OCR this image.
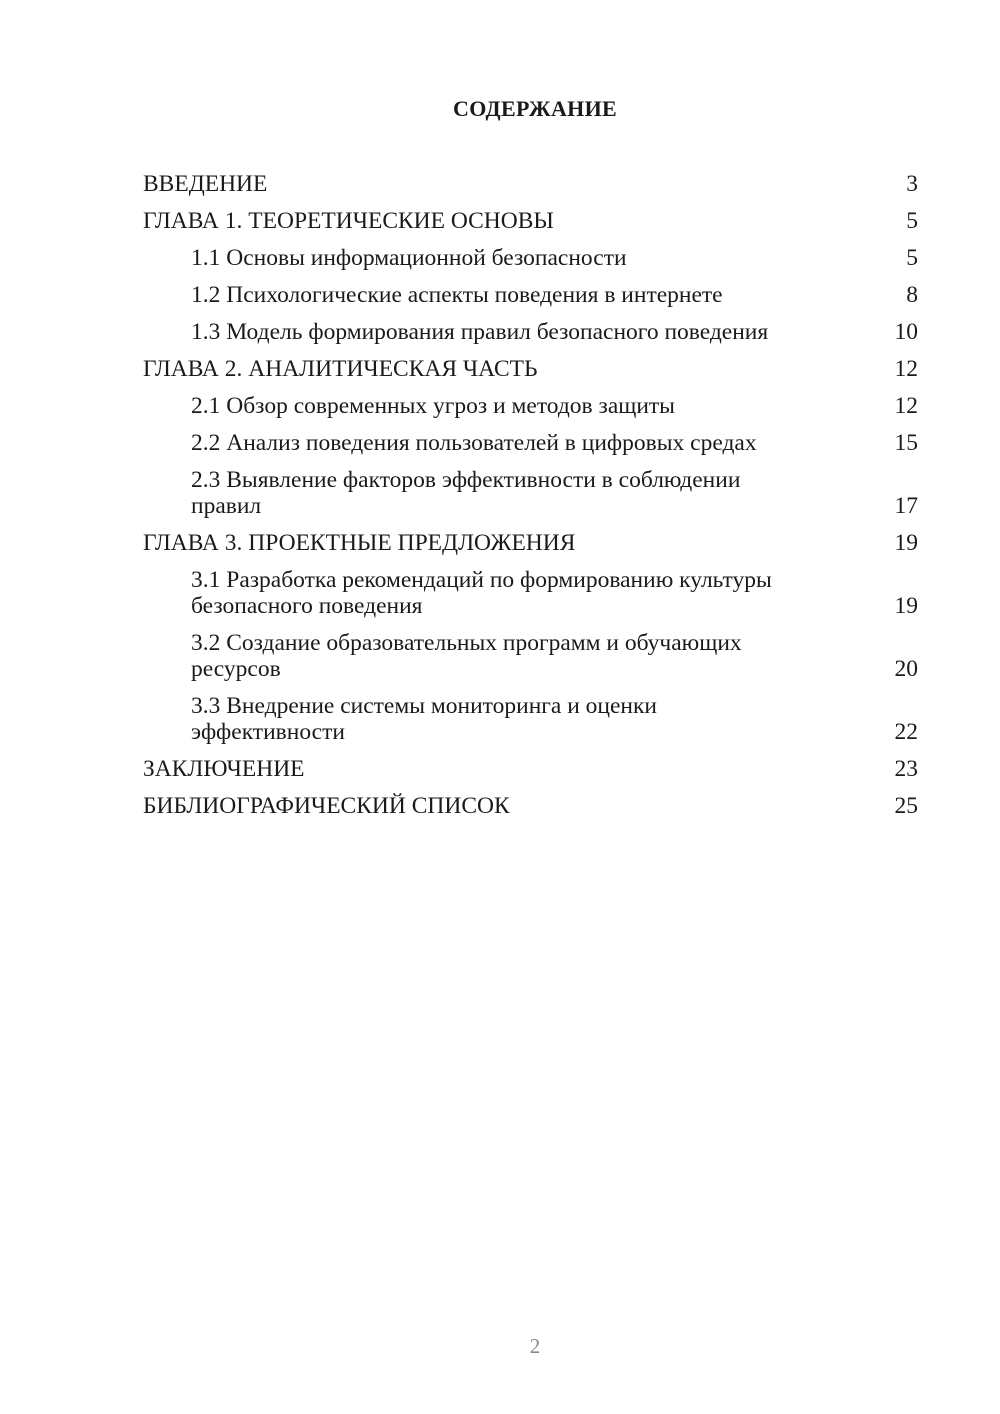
СОДЕРЖАНИЕ
ВВЕДЕНИЕ	3
ГЛАВА 1. ТЕОРЕТИЧЕСКИЕ ОСНОВЫ	5
1.1 Основы информационной безопасности	5
1.2 Психологические аспекты поведения в интернете	8
1.3 Модель формирования правил безопасного поведения	10
ГЛАВА 2. АНАЛИТИЧЕСКАЯ ЧАСТЬ	12
2.1 Обзор современных угроз и методов защиты	12
2.2 Анализ поведения пользователей в цифровых средах	15
2.3 Выявление факторов эффективности в соблюдении
правил	17
ГЛАВА 3. ПРОЕКТНЫЕ ПРЕДЛОЖЕНИЯ	19
3.1 Разработка рекомендаций по формированию культуры
безопасного поведения	19
3.2 Создание образовательных программ и обучающих
ресурсов	20
3.3 Внедрение системы мониторинга и оценки
эффективности	22
ЗАКЛЮЧЕНИЕ	23
БИБЛИОГРАФИЧЕСКИЙ СПИСОК	25
2
